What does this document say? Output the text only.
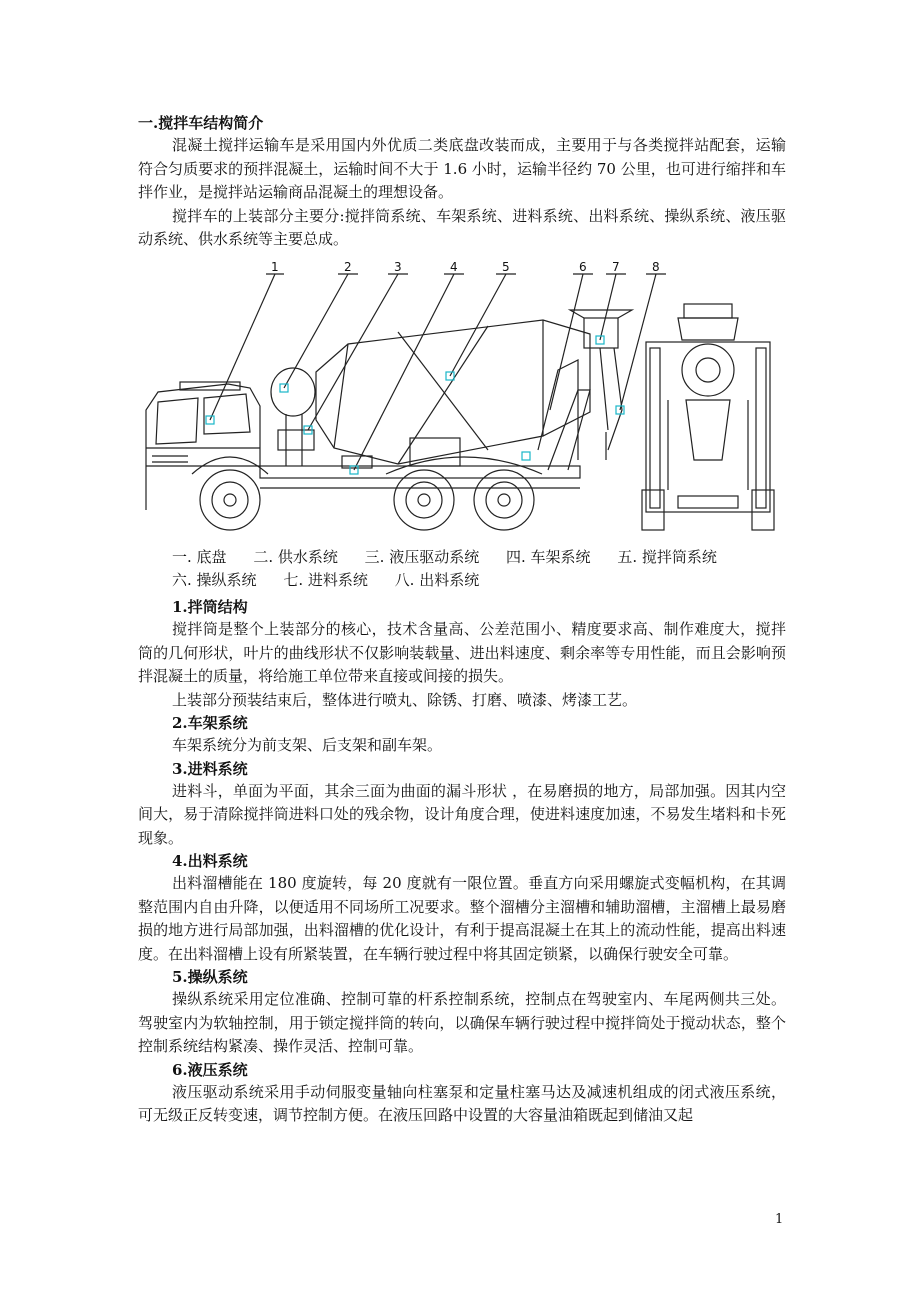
一.搅拌车结构简介

混凝土搅拌运输车是采用国内外优质二类底盘改装而成，主要用于与各类搅拌站配套，运输符合匀质要求的预拌混凝土，运输时间不大于 1.6 小时，运输半径约 70 公里，也可进行缩拌和车拌作业，是搅拌站运输商品混凝土的理想设备。

搅拌车的上装部分主要分:搅拌筒系统、车架系统、进料系统、出料系统、操纵系统、液压驱动系统、供水系统等主要总成。

1	2	3	4	5	6 7	8
一. 底盘 二. 供水系统 三. 液压驱动系统 四. 车架系统 五. 搅拌筒系统 六. 操纵系统 七. 进料系统 八. 出料系统

1.拌筒结构

搅拌筒是整个上装部分的核心，技术含量高、公差范围小、精度要求高、制作难度大，搅拌筒的几何形状，叶片的曲线形状不仅影响装载量、进出料速度、剩余率等专用性能，而且会影响预拌混凝土的质量，将给施工单位带来直接或间接的损失。

上装部分预装结束后，整体进行喷丸、除锈、打磨、喷漆、烤漆工艺。

2.车架系统

车架系统分为前支架、后支架和副车架。

3.进料系统

进料斗，单面为平面，其余三面为曲面的漏斗形状 ，在易磨损的地方，局部加强。因其内空间大，易于清除搅拌筒进料口处的残余物，设计角度合理，使进料速度加速，不易发生堵料和卡死现象。

4.出料系统

出料溜槽能在 180 度旋转，每 20 度就有一限位置。垂直方向采用螺旋式变幅机构，在其调整范围内自由升降，以便适用不同场所工况要求。整个溜槽分主溜槽和辅助溜槽，主溜槽上最易磨损的地方进行局部加强，出料溜槽的优化设计，有利于提高混凝土在其上的流动性能，提高出料速度。在出料溜槽上设有所紧装置，在车辆行驶过程中将其固定锁紧，以确保行驶安全可靠。

5.操纵系统

操纵系统采用定位准确、控制可靠的杆系控制系统，控制点在驾驶室内、车尾两侧共三处。驾驶室内为软轴控制，用于锁定搅拌筒的转向，以确保车辆行驶过程中搅拌筒处于搅动状态，整个控制系统结构紧凑、操作灵活、控制可靠。

6.液压系统

液压驱动系统采用手动伺服变量轴向柱塞泵和定量柱塞马达及减速机组成的闭式液压系统，可无级正反转变速，调节控制方便。在液压回路中设置的大容量油箱既起到储油又起

1
